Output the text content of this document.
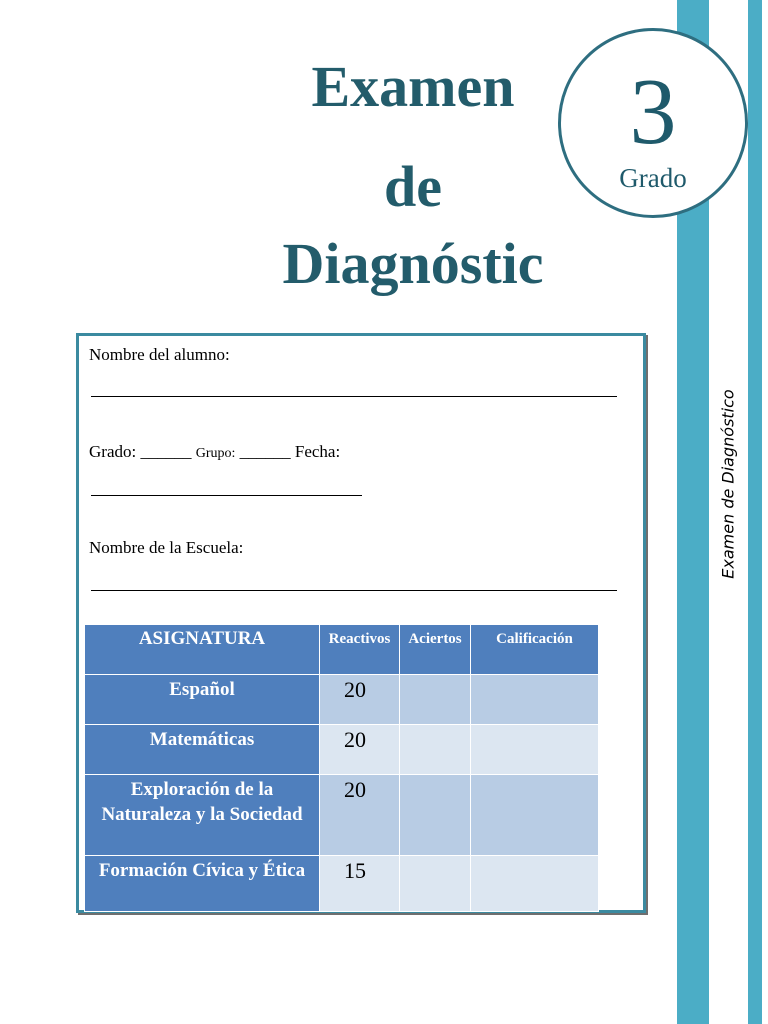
Examen de Diagnóstico
3
Grado
Examen
de
Diagnóstic
Nombre del alumno:
Grado: ______ Grupo: ______ Fecha:
Nombre de la Escuela:
ASIGNATURA	Reactivos	Aciertos	Calificación
Español	20		
Matemáticas	20		
Exploración de la Naturaleza y la Sociedad	20		
Formación Cívica y Ética	15		
